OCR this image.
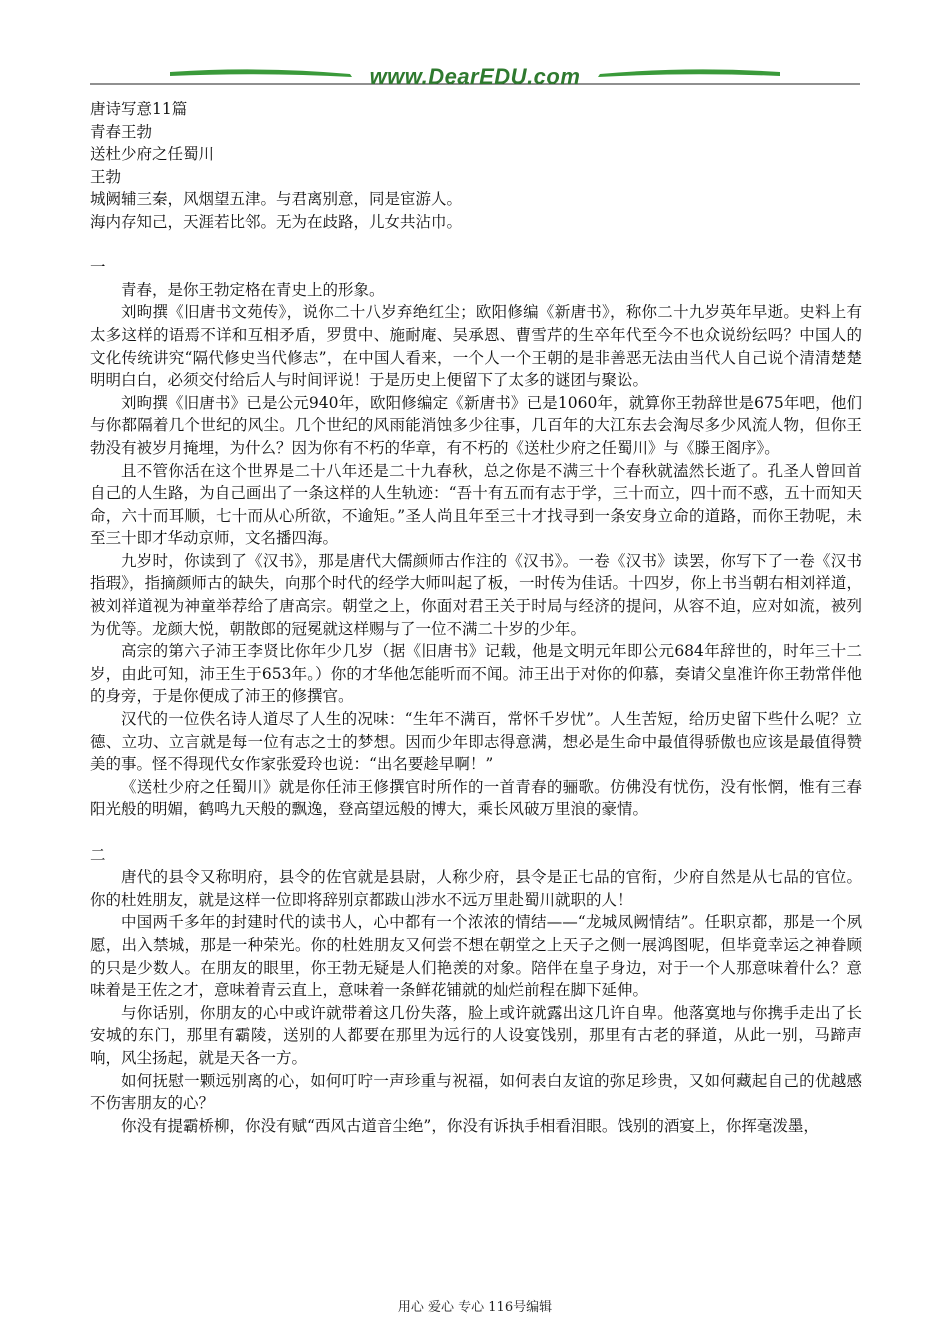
www.DearEDU.com

唐诗写意11篇

青春王勃

送杜少府之任蜀川

王勃

城阙辅三秦，风烟望五津。与君离别意，同是宦游人。

海内存知己，天涯若比邻。无为在歧路，儿女共沾巾。

一

青春，是你王勃定格在青史上的形象。

刘昫撰《旧唐书文苑传》，说你二十八岁弃绝红尘；欧阳修编《新唐书》，称你二十九岁英年早逝。史料上有太多这样的语焉不详和互相矛盾，罗贯中、施耐庵、吴承恩、曹雪芹的生卒年代至今不也众说纷纭吗？中国人的文化传统讲究“隔代修史当代修志”，在中国人看来，一个人一个王朝的是非善恶无法由当代人自己说个清清楚楚明明白白，必须交付给后人与时间评说！于是历史上便留下了太多的谜团与聚讼。

刘昫撰《旧唐书》已是公元940年，欧阳修编定《新唐书》已是1060年，就算你王勃辞世是675年吧，他们与你都隔着几个世纪的风尘。几个世纪的风雨能消蚀多少往事，几百年的大江东去会淘尽多少风流人物，但你王勃没有被岁月掩埋，为什么？因为你有不朽的华章，有不朽的《送杜少府之任蜀川》与《滕王阁序》。

且不管你活在这个世界是二十八年还是二十九春秋，总之你是不满三十个春秋就溘然长逝了。孔圣人曾回首自己的人生路，为自己画出了一条这样的人生轨迹：“吾十有五而有志于学，三十而立，四十而不惑，五十而知天命，六十而耳顺，七十而从心所欲，不逾矩。”圣人尚且年至三十才找寻到一条安身立命的道路，而你王勃呢，未至三十即才华动京师，文名播四海。

九岁时，你读到了《汉书》，那是唐代大儒颜师古作注的《汉书》。一卷《汉书》读罢，你写下了一卷《汉书指瑕》，指摘颜师古的缺失，向那个时代的经学大师叫起了板，一时传为佳话。十四岁，你上书当朝右相刘祥道，被刘祥道视为神童举荐给了唐高宗。朝堂之上，你面对君王关于时局与经济的提问，从容不迫，应对如流，被列为优等。龙颜大悦，朝散郎的冠冕就这样赐与了一位不满二十岁的少年。

高宗的第六子沛王李贤比你年少几岁（据《旧唐书》记载，他是文明元年即公元684年辞世的，时年三十二岁，由此可知，沛王生于653年。）你的才华他怎能听而不闻。沛王出于对你的仰慕，奏请父皇准许你王勃常伴他的身旁，于是你便成了沛王的修撰官。

汉代的一位佚名诗人道尽了人生的况味：“生年不满百，常怀千岁忧”。人生苦短，给历史留下些什么呢？立德、立功、立言就是每一位有志之士的梦想。因而少年即志得意满，想必是生命中最值得骄傲也应该是最值得赞美的事。怪不得现代女作家张爱玲也说：“出名要趁早啊！”

《送杜少府之任蜀川》就是你任沛王修撰官时所作的一首青春的骊歌。仿佛没有忧伤，没有怅惘，惟有三春阳光般的明媚，鹤鸣九天般的飘逸，登高望远般的博大，乘长风破万里浪的豪情。

二

唐代的县令又称明府，县令的佐官就是县尉，人称少府，县令是正七品的官衔，少府自然是从七品的官位。你的杜姓朋友，就是这样一位即将辞别京都跋山涉水不远万里赴蜀川就职的人！

中国两千多年的封建时代的读书人，心中都有一个浓浓的情结——“龙城凤阙情结”。任职京都，那是一个夙愿，出入禁城，那是一种荣光。你的杜姓朋友又何尝不想在朝堂之上天子之侧一展鸿图呢，但毕竟幸运之神眷顾的只是少数人。在朋友的眼里，你王勃无疑是人们艳羡的对象。陪伴在皇子身边，对于一个人那意味着什么？意味着是王佐之才，意味着青云直上，意味着一条鲜花铺就的灿烂前程在脚下延伸。

与你话别，你朋友的心中或许就带着这几份失落，脸上或许就露出这几许自卑。他落寞地与你携手走出了长安城的东门，那里有霸陵，送别的人都要在那里为远行的人设宴饯别，那里有古老的驿道，从此一别，马蹄声响，风尘扬起，就是天各一方。

如何抚慰一颗远别离的心，如何叮咛一声珍重与祝福，如何表白友谊的弥足珍贵，又如何藏起自己的优越感不伤害朋友的心？

你没有提霸桥柳，你没有赋“西风古道音尘绝”，你没有诉执手相看泪眼。饯别的酒宴上，你挥毫泼墨，

用心 爱心 专心 116号编辑
